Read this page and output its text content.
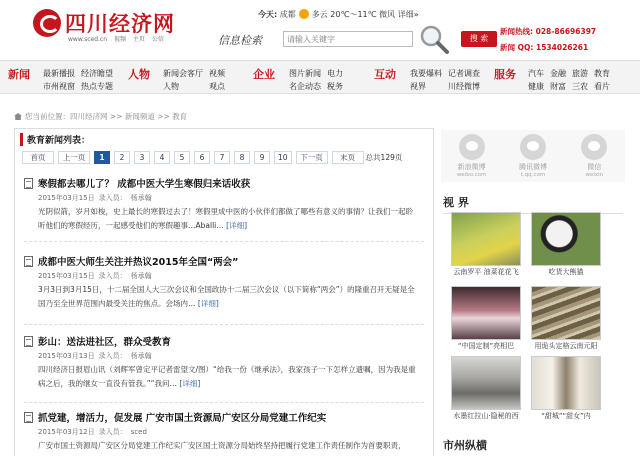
四川经济网
www.sced.cn 视频 主页 公信
今天: 成都 多云 20℃～11℃ 微风 详细»
新闻热线: 028-86696397
新闻 QQ: 1534026261
信息检索
请输入关键字	搜 索
新闻 最新播报
市州视窗
经济瞻望
热点专题
人物 新闻会客厅
人物
视频
观点
企业 图片新闻
名企动态
电力
税务
互动 我要爆料
视界
记者调查
川经微博
服务 汽车
健康
金融
财富
旅游
三农
教育
看片
您当前位置：四川经济网 >> 新闻频道 >> 教育
教育新闻列表：
首页	上一页	1	2	3	4	5	6	7	8	9	10	下一页	末页	总共129页
寒假都去哪儿了？ 成都中医大学生寒假归来话收获
2015年03月15日 录入员： 杨承翰
光阴似箭，岁月如梭，史上最长的寒假过去了！寒假里成中医的小伙伴们都做了哪些有意义的事情？让我们一起聆听他们的寒假经历，一起感受他们的寒假趣事…Aballi… [详细]
成都中医大师生关注并热议2015年全国“两会”
2015年03月15日 录入员： 杨承翰
3月3日到3月15日，十二届全国人大三次会议和全国政协十二届三次会议（以下简称“两会”）的隆重召开无疑是全国乃至全世界范围内最受关注的焦点。会场内… [详细]
彭山：送法进社区，群众受教育
2015年03月13日 录入员： 杨承翰
四川经济日报眉山讯（刘辉军曾定平记者雷望文/图）“给我一份《继承法》，我家孩子一下怎样立遗嘱，因为我是重病之后，我的继女一直没有管我。”“我问… [详细]
抓党建，增活力，促发展 广安市国土资源局广安区分局党建工作纪实
2015年03月12日 录入员： sced
广安市国土资源局广安区分局党建工作纪实广安区国土资源分局始终坚持把履行党建工作责任制作为首要职责，
新浪微博
weibo.com
腾讯微博
t.qq.com
微信
weixin
视 界
云南罗平 油菜花花飞	吃货大熊猫
“中国定制”亮相巴	用诡头定格云南元阳
水墨红拉山·隐秘的西	“甜城”“甜女”内
市州纵横
